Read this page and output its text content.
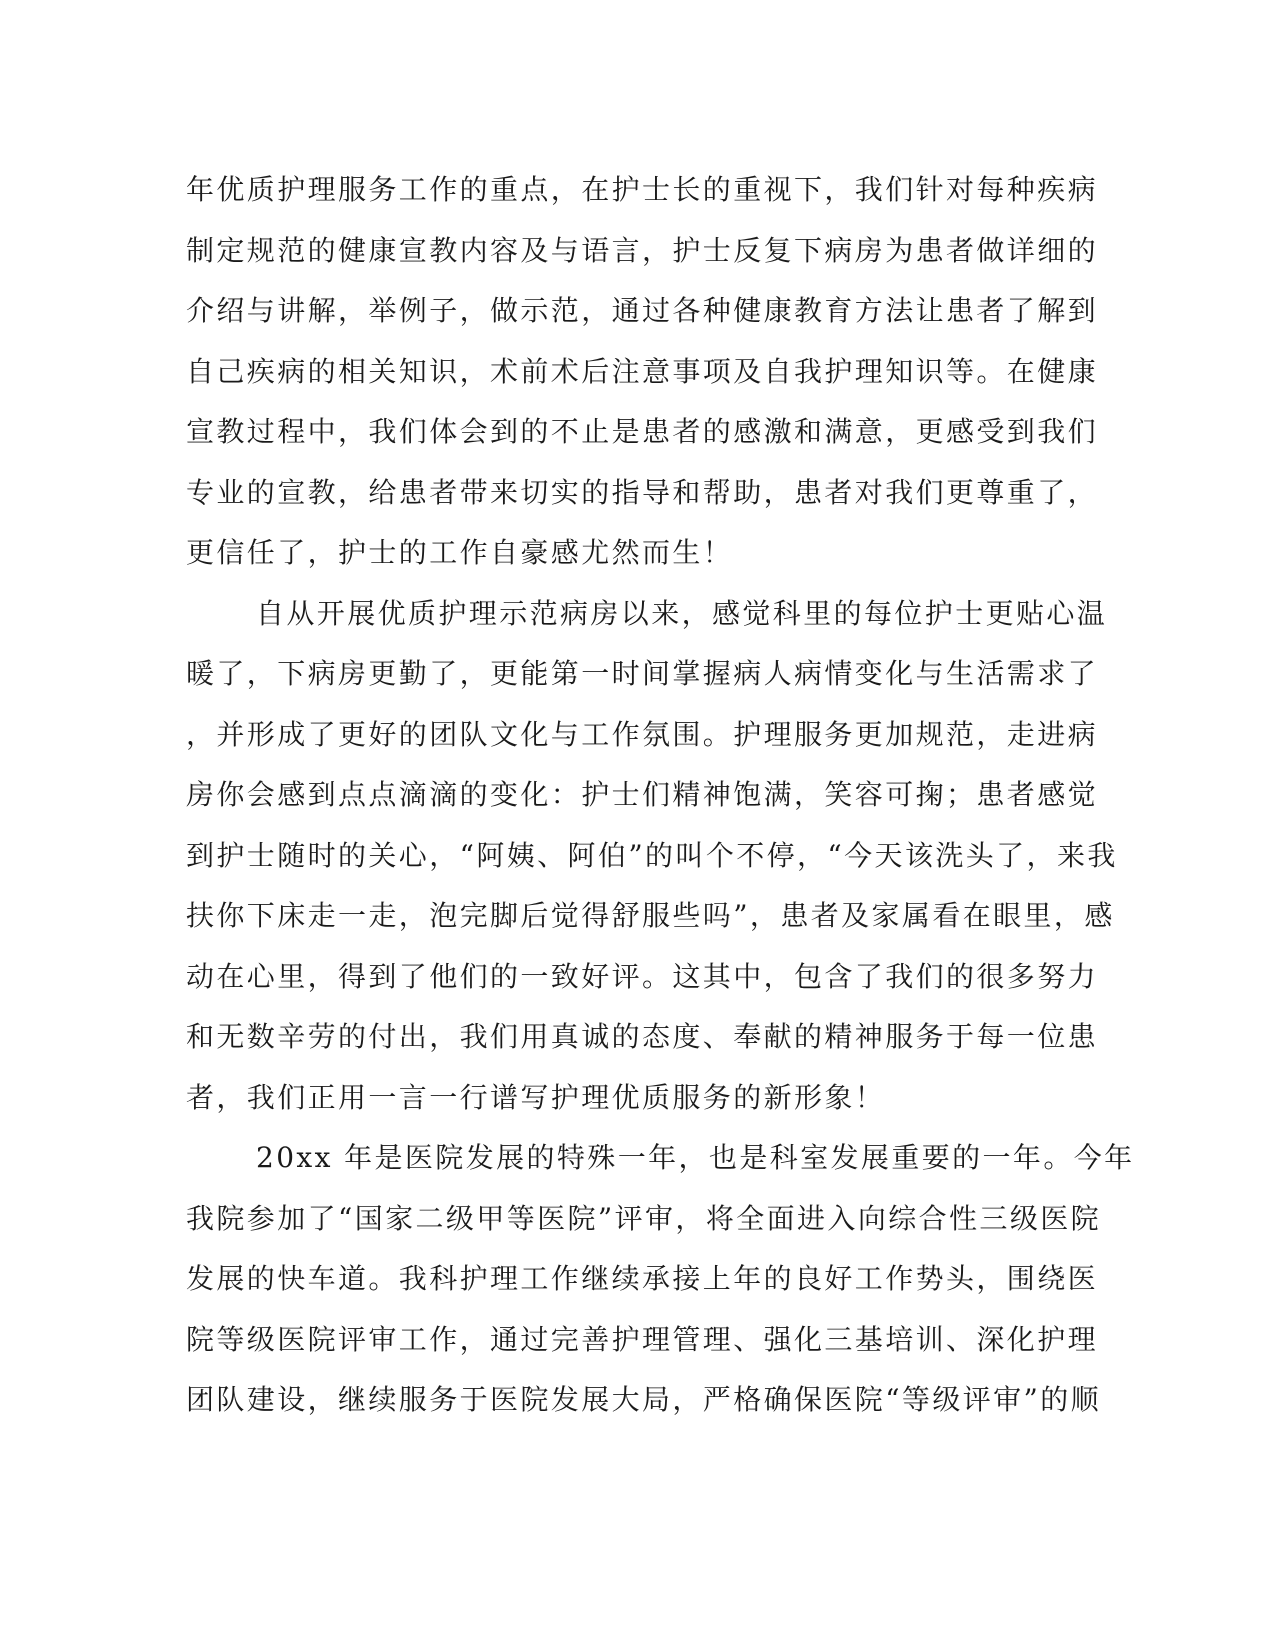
年优质护理服务工作的重点，在护士长的重视下，我们针对每种疾病
制定规范的健康宣教内容及与语言，护士反复下病房为患者做详细的
介绍与讲解，举例子，做示范，通过各种健康教育方法让患者了解到
自己疾病的相关知识，术前术后注意事项及自我护理知识等。在健康
宣教过程中，我们体会到的不止是患者的感激和满意，更感受到我们
专业的宣教，给患者带来切实的指导和帮助，患者对我们更尊重了，
更信任了，护士的工作自豪感尤然而生！
自从开展优质护理示范病房以来，感觉科里的每位护士更贴心温
暖了，下病房更勤了，更能第一时间掌握病人病情变化与生活需求了
，并形成了更好的团队文化与工作氛围。护理服务更加规范，走进病
房你会感到点点滴滴的变化：护士们精神饱满，笑容可掬；患者感觉
到护士随时的关心，“阿姨、阿伯”的叫个不停，“今天该洗头了，来我
扶你下床走一走，泡完脚后觉得舒服些吗”，患者及家属看在眼里，感
动在心里，得到了他们的一致好评。这其中，包含了我们的很多努力
和无数辛劳的付出，我们用真诚的态度、奉献的精神服务于每一位患
者，我们正用一言一行谱写护理优质服务的新形象！
20xx 年是医院发展的特殊一年，也是科室发展重要的一年。今年
我院参加了“国家二级甲等医院”评审，将全面进入向综合性三级医院
发展的快车道。我科护理工作继续承接上年的良好工作势头，围绕医
院等级医院评审工作，通过完善护理管理、强化三基培训、深化护理
团队建设，继续服务于医院发展大局，严格确保医院“等级评审”的顺
